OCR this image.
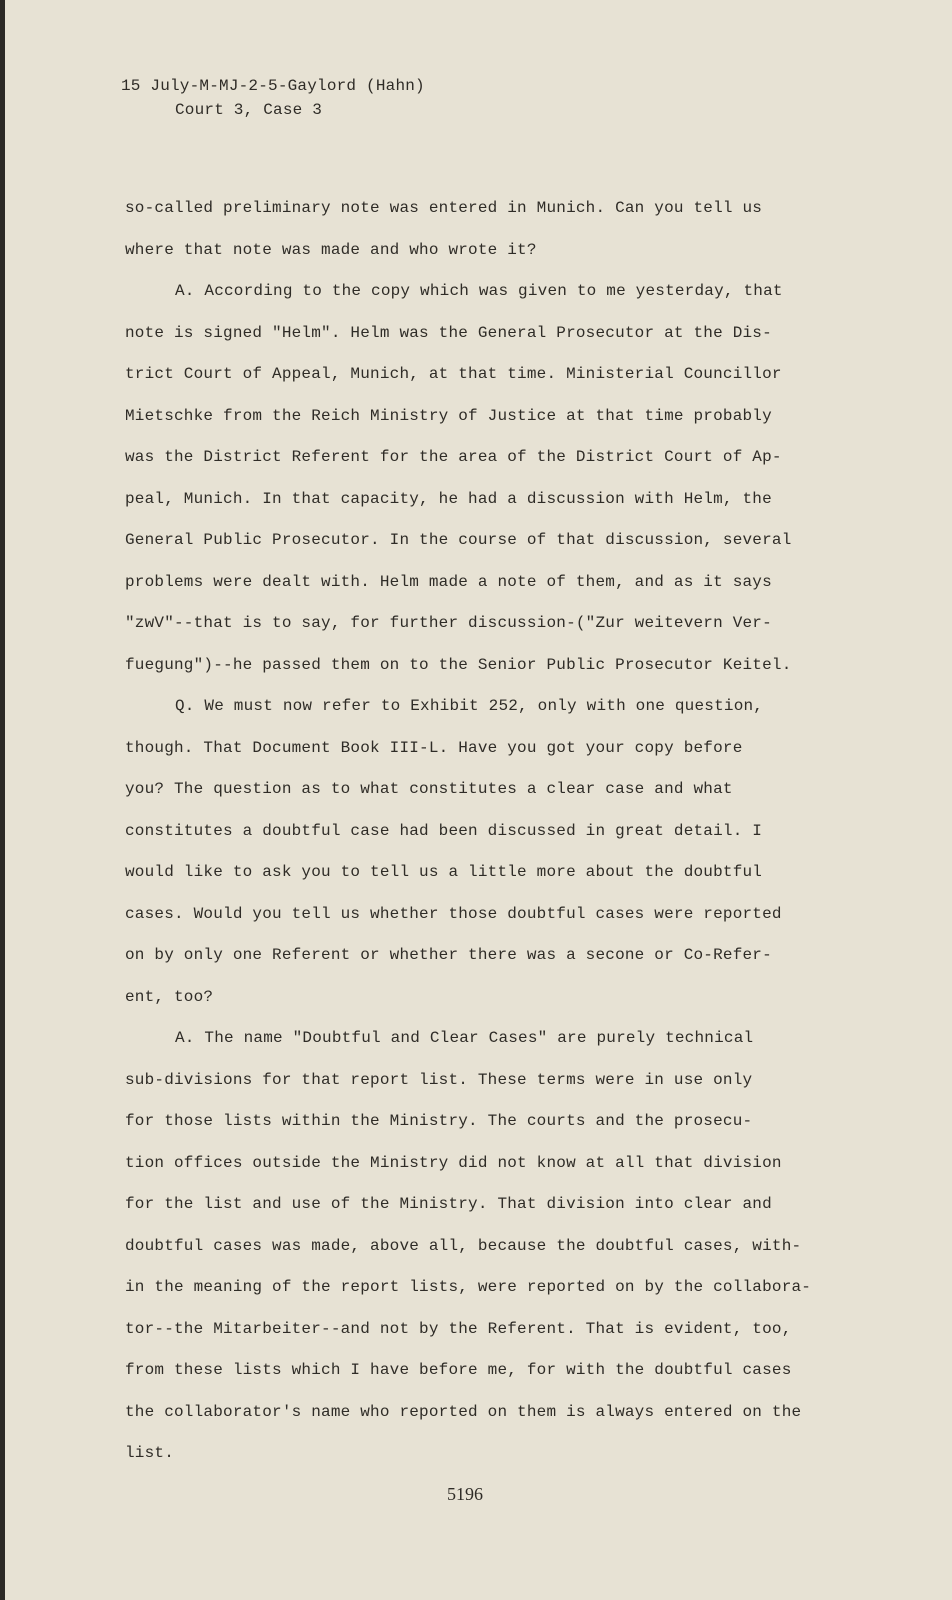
15 July-M-MJ-2-5-Gaylord (Hahn)
Court 3, Case 3
so-called preliminary note was entered in Munich. Can you tell us
where that note was made and who wrote it?
A. According to the copy which was given to me yesterday, that
note is signed "Helm". Helm was the General Prosecutor at the Dis-
trict Court of Appeal, Munich, at that time. Ministerial Councillor
Mietschke from the Reich Ministry of Justice at that time probably
was the District Referent for the area of the District Court of Ap-
peal, Munich. In that capacity, he had a discussion with Helm, the
General Public Prosecutor. In the course of that discussion, several
problems were dealt with. Helm made a note of them, and as it says
"zwV"--that is to say, for further discussion-("Zur weitevern Ver-
fuegung")--he passed them on to the Senior Public Prosecutor Keitel.
Q. We must now refer to Exhibit 252, only with one question,
though. That Document Book III-L. Have you got your copy before
you? The question as to what constitutes a clear case and what
constitutes a doubtful case had been discussed in great detail. I
would like to ask you to tell us a little more about the doubtful
cases. Would you tell us whether those doubtful cases were reported
on by only one Referent or whether there was a secone or Co-Refer-
ent, too?
A. The name "Doubtful and Clear Cases" are purely technical
sub-divisions for that report list. These terms were in use only
for those lists within the Ministry. The courts and the prosecu-
tion offices outside the Ministry did not know at all that division
for the list and use of the Ministry. That division into clear and
doubtful cases was made, above all, because the doubtful cases, with-
in the meaning of the report lists, were reported on by the collabora-
tor--the Mitarbeiter--and not by the Referent. That is evident, too,
from these lists which I have before me, for with the doubtful cases
the collaborator's name who reported on them is always entered on the
list.
5196
